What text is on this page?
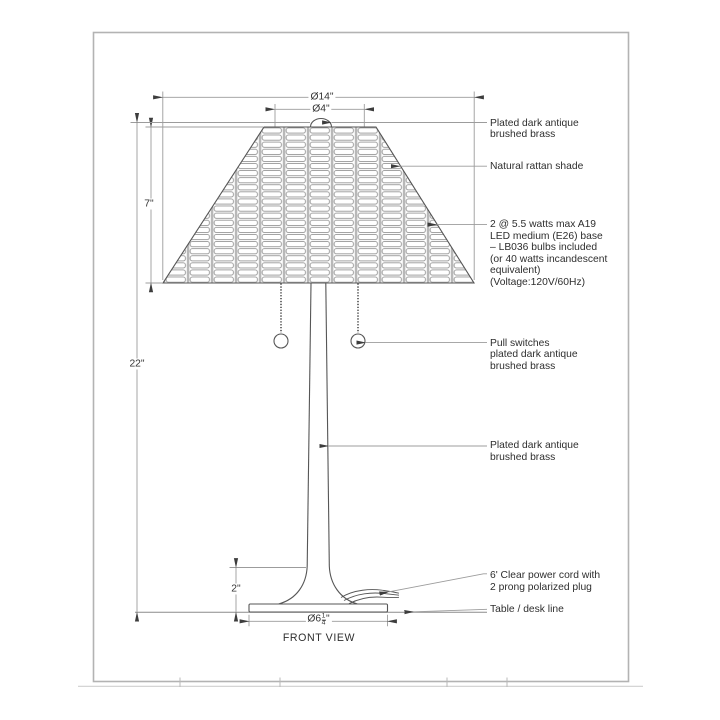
Ø14"
Ø4"
7"
22"
2"
Ø6 $\frac{1}{4}$ "
Plated dark antique
brushed brass
Natural rattan shade
2 @ 5.5 watts max A19
LED medium (E26) base
– LB036 bulbs included
(or 40 watts incandescent
equivalent)
(Voltage:120V/60Hz)
Pull switches
plated dark antique
brushed brass
Plated dark antique
brushed brass
6' Clear power cord with
2 prong polarized plug
Table / desk line
FRONT VIEW
